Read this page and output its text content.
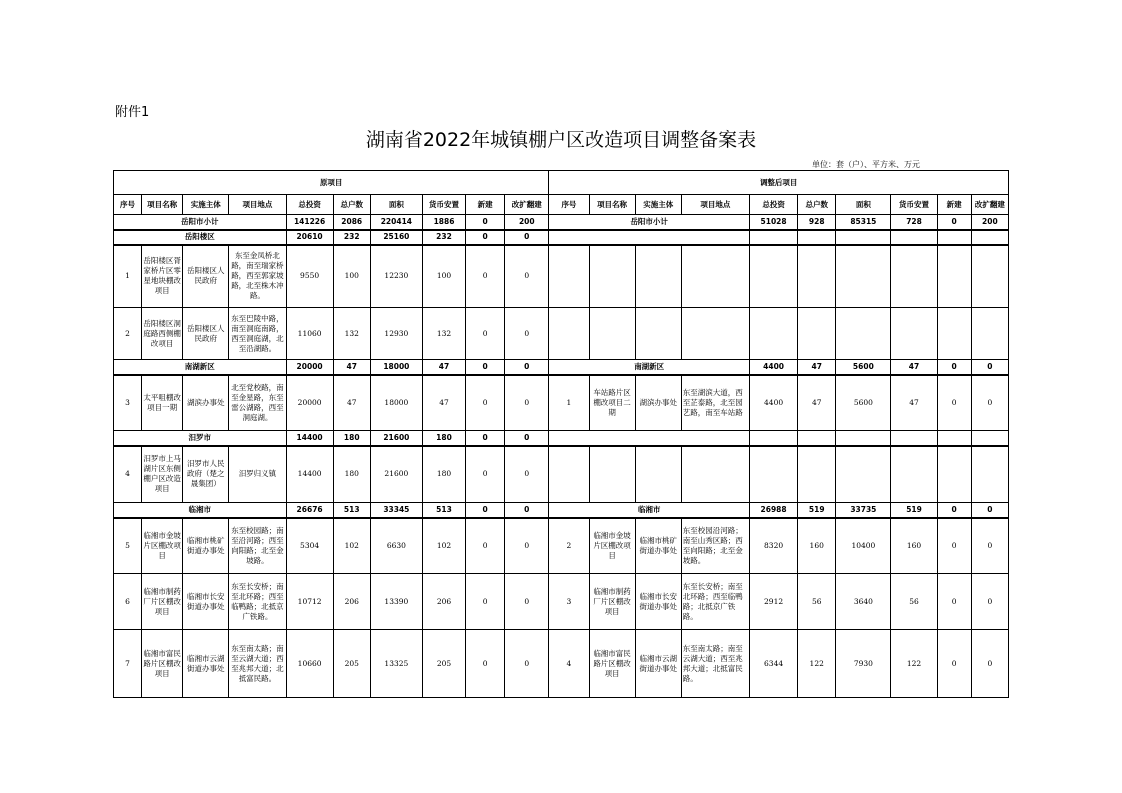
附件1
湖南省2022年城镇棚户区改造项目调整备案表
单位：套（户）、平方米、万元
原项目										调整后项目									
序号	项目名称	实施主体	项目地点	总投资	总户数	面积	货币安置	新建	改扩翻建	序号	项目名称	实施主体	项目地点	总投资	总户数	面积	货币安置	新建	改扩翻建
岳阳市小计				141226	2086	220414	1886	0	200	岳阳市小计				51028	928	85315	728	0	200
岳阳楼区				20610	232	25160	232	0	0										
1	岳阳楼区胥家桥片区零星地块棚改项目	岳阳楼区人民政府	东至金凤桥北路，南至瑞家桥路，西至郭家坡路，北至株木冲路。	9550	100	12230	100	0	0										
2	岳阳楼区洞庭路西侧棚改项目	岳阳楼区人民政府	东至巴陵中路，南至洞庭南路，西至洞庭湖，北至沿湖路。	11060	132	12930	132	0	0										
南湖新区				20000	47	18000	47	0	0	南湖新区				4400	47	5600	47	0	0
3	太平咀棚改项目一期	湖滨办事处	北至党校路，南至金星路，东至雷公湖路，西至洞庭湖。	20000	47	18000	47	0	0	1	车站路片区棚改项目二期	湖滨办事处	东至湖滨大道，西至芷泰路，北至园艺路，南至车站路	4400	47	5600	47	0	0
汨罗市				14400	180	21600	180	0	0										
4	汨罗市上马湖片区东侧棚户区改造项目	汨罗市人民政府（楚之晟集团）	汨罗归义镇	14400	180	21600	180	0	0										
临湘市				26676	513	33345	513	0	0	临湘市				26988	519	33735	519	0	0
5	临湘市金坡片区棚改项目	临湘市桃矿街道办事处	东至校园路；南至沿河路；西至向阳路；北至金坡路。	5304	102	6630	102	0	0	2	临湘市金坡片区棚改项目	临湘市桃矿街道办事处	东至校园沿河路；南至山秀区路；西至向阳路；北至金坡路。	8320	160	10400	160	0	0
6	临湘市制药厂片区棚改项目	临湘市长安街道办事处	东至长安桥；南至北环路；西至临鸭路；北抵京广铁路。	10712	206	13390	206	0	0	3	临湘市制药厂片区棚改项目	临湘市长安街道办事处	东至长安桥；南至北环路；西至临鸭路；北抵京广铁路。	2912	56	3640	56	0	0
7	临湘市富民路片区棚改项目	临湘市云湖街道办事处	东至南太路；南至云湖大道；西至兆邦大道；北抵富民路。	10660	205	13325	205	0	0	4	临湘市富民路片区棚改项目	临湘市云湖街道办事处	东至南太路；南至云湖大道；西至兆邦大道；北抵富民路。	6344	122	7930	122	0	0
